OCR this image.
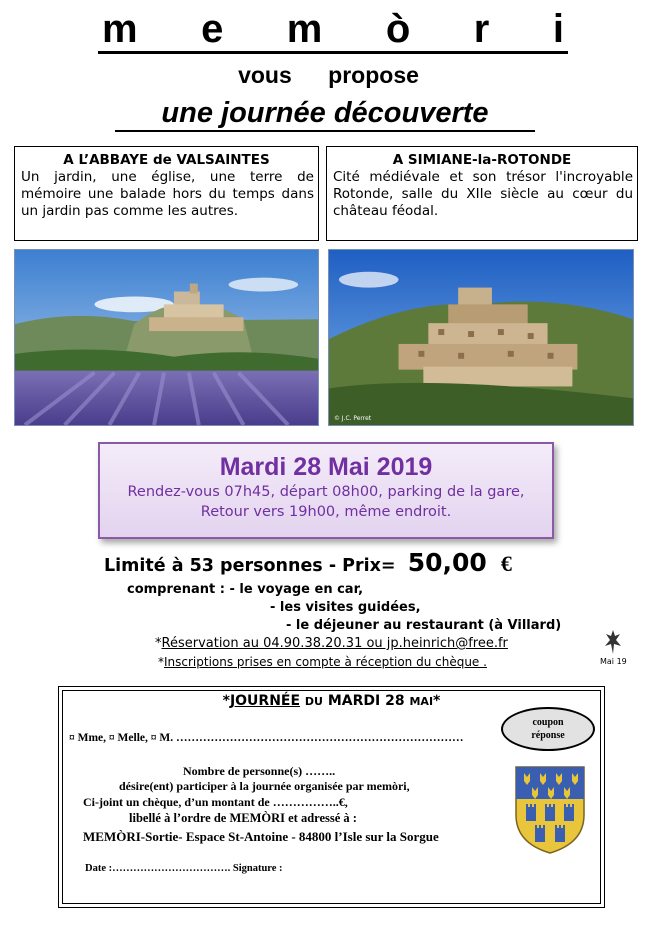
m e m ò r i
vous propose
une journée découverte
A L’ABBAYE de VALSAINTES

Un jardin, une église, une terre de mémoire une balade hors du temps dans un jardin pas comme les autres.

A SIMIANE-la-ROTONDE

Cité médiévale et son trésor l'incroyable Rotonde, salle du XIIe siècle au cœur du château féodal.

© J.C. Perret
Mardi 28 Mai 2019
Rendez-vous 07h45, départ 08h00, parking de la gare,
Retour vers 19h00, même endroit.
Limité à 53 personnes - Prix= 50,00 €
comprenant : - le voyage en car,
- les visites guidées,
- le déjeuner au restaurant (à Villard)
*Réservation au 04.90.38.20.31 ou jp.heinrich@free.fr
*Inscriptions prises en compte à réception du chèque .	Mai 19
*JOURNÉE DU MARDI 28 MAI*
coupon
réponse
¤ Mme, ¤ Melle, ¤ M. …………………………………………………………………
Nombre de personne(s) ……..
désire(ent) participer à la journée organisée par memòri,
Ci-joint un chèque, d’un montant de ……………..€,
libellé à l’ordre de MEMÒRI et adressé à :
MEMÒRI-Sortie- Espace St-Antoine - 84800 l’Isle sur la Sorgue
Date :……………………………. Signature :
